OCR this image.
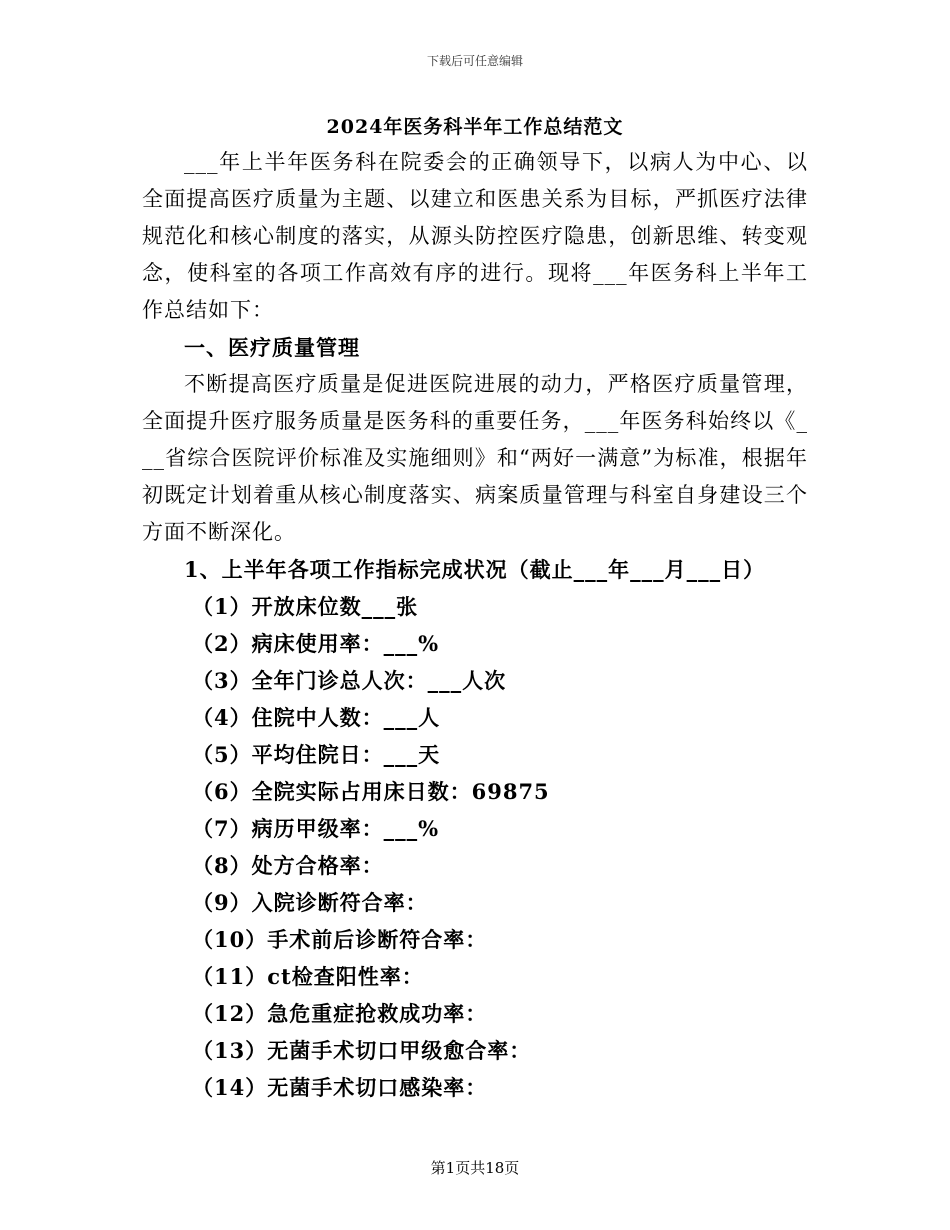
下载后可任意编辑
2024年医务科半年工作总结范文

___年上半年医务科在院委会的正确领导下，以病人为中心、以全面提高医疗质量为主题、以建立和医患关系为目标，严抓医疗法律规范化和核心制度的落实，从源头防控医疗隐患，创新思维、转变观念，使科室的各项工作高效有序的进行。现将___年医务科上半年工作总结如下：

一、医疗质量管理

不断提高医疗质量是促进医院进展的动力，严格医疗质量管理，全面提升医疗服务质量是医务科的重要任务，___年医务科始终以《___省综合医院评价标准及实施细则》和“两好一满意”为标准，根据年初既定计划着重从核心制度落实、病案质量管理与科室自身建设三个方面不断深化。

1、上半年各项工作指标完成状况（截止___年___月___日）

（1）开放床位数___张
（2）病床使用率：___%
（3）全年门诊总人次：___人次
（4）住院中人数：___人
（5）平均住院日：___天
（6）全院实际占用床日数：69875
（7）病历甲级率：___%
（8）处方合格率：
（9）入院诊断符合率：
（10）手术前后诊断符合率：
（11）ct检查阳性率：
（12）急危重症抢救成功率：
（13）无菌手术切口甲级愈合率：
（14）无菌手术切口感染率：
第1页共18页
